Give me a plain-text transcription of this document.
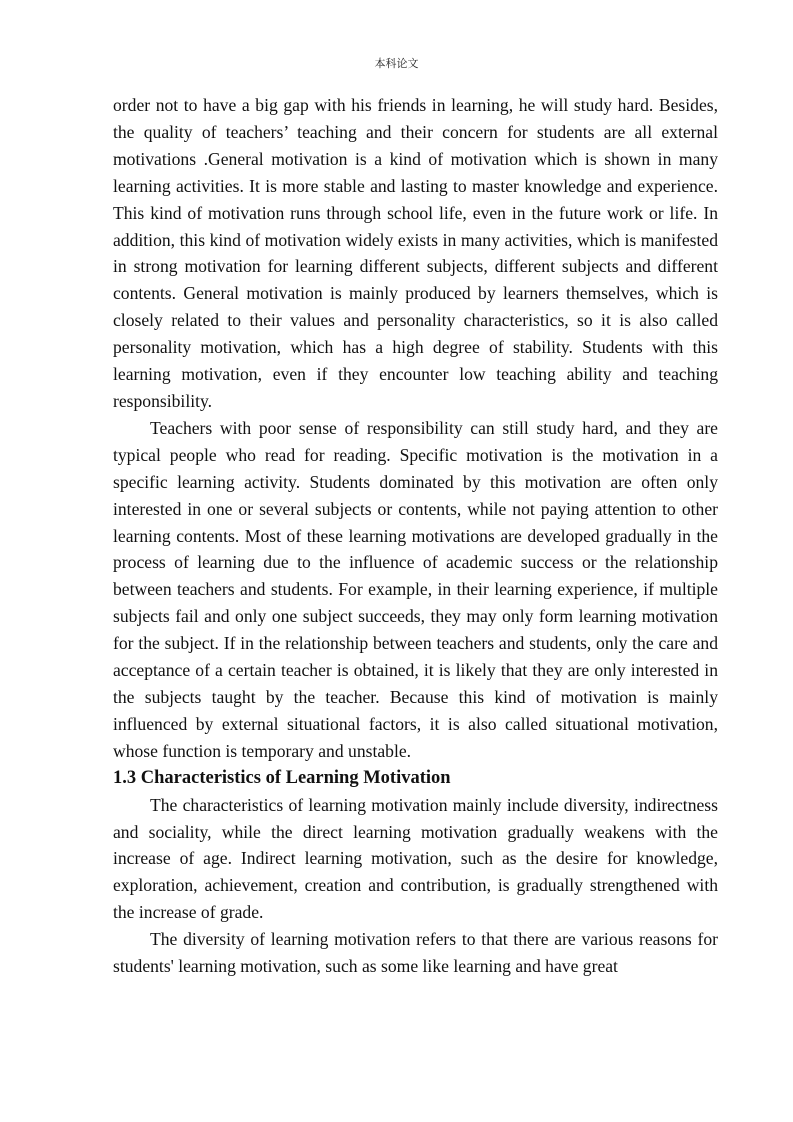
本科论文

order not to have a big gap with his friends in learning, he will study hard. Besides, the quality of teachers’ teaching and their concern for students are all external motivations .General motivation is a kind of motivation which is shown in many learning activities. It is more stable and lasting to master knowledge and experience. This kind of motivation runs through school life, even in the future work or life. In addition, this kind of motivation widely exists in many activities, which is manifested in strong motivation for learning different subjects, different subjects and different contents. General motivation is mainly produced by learners themselves, which is closely related to their values and personality characteristics, so it is also called personality motivation, which has a high degree of stability. Students with this learning motivation, even if they encounter low teaching ability and teaching responsibility.

Teachers with poor sense of responsibility can still study hard, and they are typical people who read for reading. Specific motivation is the motivation in a specific learning activity. Students dominated by this motivation are often only interested in one or several subjects or contents, while not paying attention to other learning contents. Most of these learning motivations are developed gradually in the process of learning due to the influence of academic success or the relationship between teachers and students. For example, in their learning experience, if multiple subjects fail and only one subject succeeds, they may only form learning motivation for the subject. If in the relationship between teachers and students, only the care and acceptance of a certain teacher is obtained, it is likely that they are only interested in the subjects taught by the teacher. Because this kind of motivation is mainly influenced by external situational factors, it is also called situational motivation, whose function is temporary and unstable.

1.3 Characteristics of Learning Motivation

The characteristics of learning motivation mainly include diversity, indirectness and sociality, while the direct learning motivation gradually weakens with the increase of age. Indirect learning motivation, such as the desire for knowledge, exploration, achievement, creation and contribution, is gradually strengthened with the increase of grade.

The diversity of learning motivation refers to that there are various reasons for students' learning motivation, such as some like learning and have great
